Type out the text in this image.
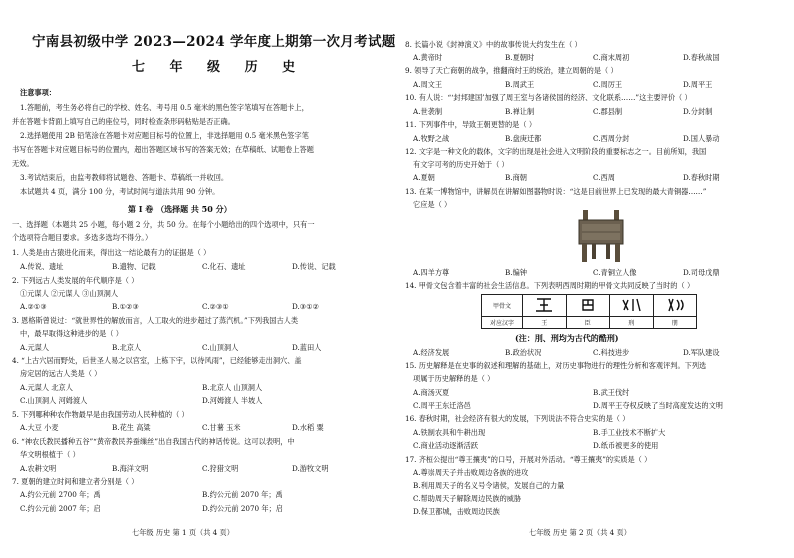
宁南县初级中学 2023—2024 学年度上期第一次月考试题
七 年 级 历 史
注意事项：
1.答题前，考生务必将自己的学校、姓名、考号用 0.5 毫米的黑色签字笔填写在答题卡上，
并在答题卡背面上填写自己的座位号，同时检查条形码粘贴是否正确。
2.选择题使用 2B 铅笔涂在答题卡对应题目标号的位置上，非选择题用 0.5 毫米黑色签字笔
书写在答题卡对应题目标号的位置内，超出答题区域书写的答案无效；在草稿纸、试题卷上答题
无效。
3.考试结束后，由监考教师将试题卷、答题卡、草稿纸一并收回。
本试题共 4 页，满分 100 分，考试时间与道法共用 90 分钟。
第 Ⅰ 卷 （选择题 共 50 分）
一、选择题（本题共 25 小题，每小题 2 分，共 50 分。在每个小题给出的四个选项中，只有一
个选项符合题目要求。多选多选均不得分。）
1. 人类是由古猿进化而来，得出这一结论最有力的证据是（ ）
A.传说、遗址	B.遗物、记载	C.化石、遗址	D.传说、记载
2. 下列远古人类发展的年代顺序是（ ）
①元谋人 ②元谋人 ③山顶洞人
A.②①③	B.①②③	C.②③①	D.③①②
3. 恩格斯曾说过：“就世界性的解放而言，人工取火的进步超过了蒸汽机。”下列我国古人类
中，最早取得这种进步的是（ ）
A.元谋人	B.北京人	C.山顶洞人	D.蓝田人
4. “上古穴居而野处，后世圣人易之以宫室，上栋下宇，以待风雨”，已经能够走出洞穴、盖
房定居的远古人类是（ ）
A.元谋人 北京人	B.北京人 山顶洞人
C.山顶洞人 河姆渡人	D.河姆渡人 半坡人
5. 下列哪种种农作物最早是由我国劳动人民种植的（ ）
A.大豆 小麦	B.花生 高粱	C.甘薯 玉米	D.水稻 粟
6. “神农氏教民播种五谷”“黄帝教民养蚕缫丝”出自我国古代的神话传说。这可以表明，中
华文明根植于（ ）
A.农耕文明	B.海洋文明	C.狩猎文明	D.游牧文明
7. 夏朝的建立时间和建立者分别是（ ）
A.约公元前 2700 年；禹	B.约公元前 2070 年；禹
C.约公元前 2007 年；启	D.约公元前 2070 年；启
七年级 历史 第 1 页（共 4 页）
8. 长篇小说《封神演义》中的故事传说大约发生在（ ）
A.黄帝时	B.夏朝时	C.商末周初	D.春秋战国
9. 领导了天亡商朝的战争，推翻商纣王的统治，建立周朝的是（ ）
A.周文王	B.周武王	C.周厉王	D.周平王
10. 有人说：“‘封邦建国’加强了周王室与各诸侯国的经济、文化联系……”这主要评价（ ）
A.世袭制	B.禅让制	C.郡县制	D.分封制
11. 下列事件中，导致王朝更替的是（ ）
A.牧野之战	B.盘庚迁都	C.西周分封	D.国人暴动
12. 文字是一种文化的载体，文字的出现是社会进入文明阶段的重要标志之一。目前所知，我国
有文字可考的历史开始于（ ）
A.夏朝	B.商朝	C.西周	D.春秋时期
13. 在某一博物馆中，讲解员在讲解如图器物时说：“这是目前世界上已发现的最大青铜器……”
它应是（ ）
A.四羊方尊	B.编钟	C.青铜立人像	D.司母戊鼎
14. 甲骨文包含着丰富的社会生活信息。下列表明西周时期的甲骨文共同反映了当时的（ ）
甲骨文				
对应汉字	王	臣	刑	朋
(注：刖、刑均为古代的酷刑)
A.经济发展	B.政治状况	C.科技进步	D.军队建设
15. 历史解释是在史事的叙述和理解的基础上，对历史事物进行的理性分析和客观评判。下列选
项属于历史解释的是（ ）
A.商汤灭夏	B.武王伐纣
C.周平王东迁洛邑	D.周平王夺权反映了当时高度发达的文明
16. 春秋时期，社会经济有很大的发展，下列说法不符合史实的是（ ）
A.铁制农具和牛耕出现	B.手工业技术不断扩大
C.商业活动逐渐活跃	D.纸币被更多的使用
17. 齐桓公提出“尊王攘夷”的口号，开展对外活动。“尊王攘夷”的实质是（ ）
A.尊崇周天子并击败周边各族的进攻
B.利用周天子的名义号令诸侯，发展自己的力量
C.帮助周天子解除周边民族的威胁
D.保卫都城，击败周边民族
七年级 历史 第 2 页（共 4 页）
